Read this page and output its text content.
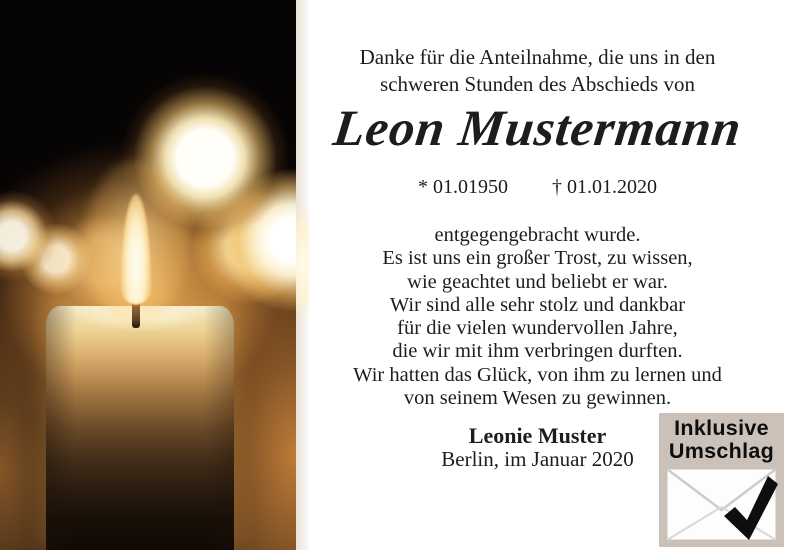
Danke für die Anteilnahme, die uns in den
schweren Stunden des Abschieds von
Leon Mustermann
* 01.01950 † 01.01.2020
entgegengebracht wurde.
Es ist uns ein großer Trost, zu wissen,
wie geachtet und beliebt er war.
Wir sind alle sehr stolz und dankbar
für die vielen wundervollen Jahre,
die wir mit ihm verbringen durften.
Wir hatten das Glück, von ihm zu lernen und
von seinem Wesen zu gewinnen.
Leonie Muster
Berlin, im Januar 2020
Inklusive
Umschlag
